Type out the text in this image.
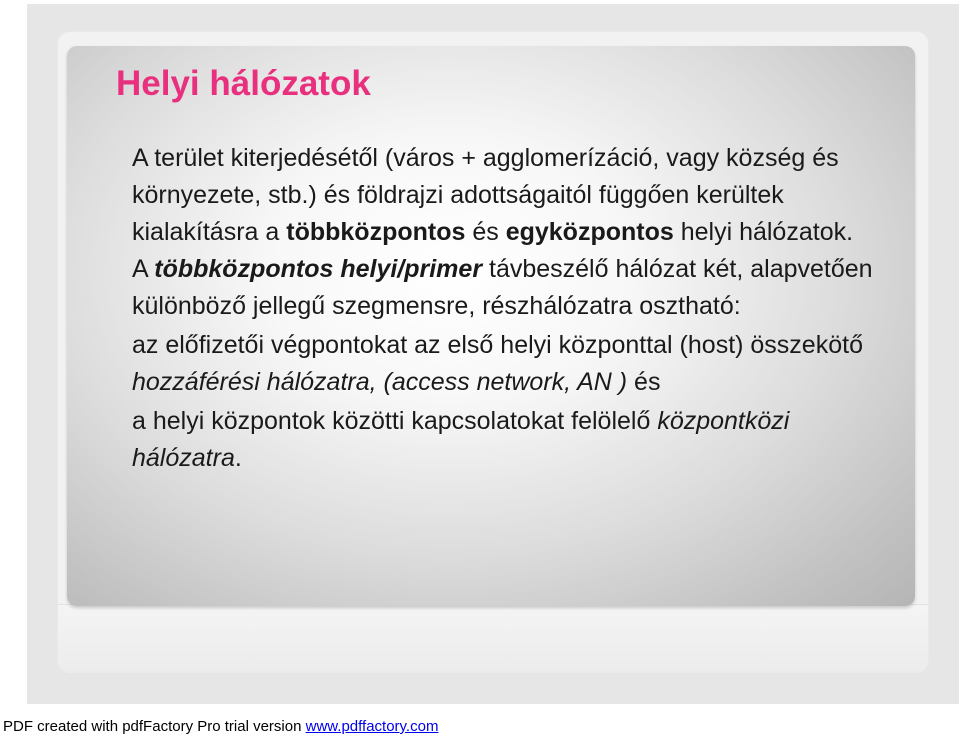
Helyi hálózatok

A terület kiterjedésétől (város + agglomerízáció, vagy község és környezete, stb.) és földrajzi adottságaitól függően kerültek kialakításra a többközpontos és egyközpontos helyi hálózatok.

A többközpontos helyi/primer távbeszélő hálózat két, alapvetően különböző jellegű szegmensre, részhálózatra osztható:

az előfizetői végpontokat az első helyi központtal (host) összekötő hozzáférési hálózatra, (access network, AN ) és

a helyi központok közötti kapcsolatokat felölelő központközi hálózatra.

PDF created with pdfFactory Pro trial version www.pdffactory.com
